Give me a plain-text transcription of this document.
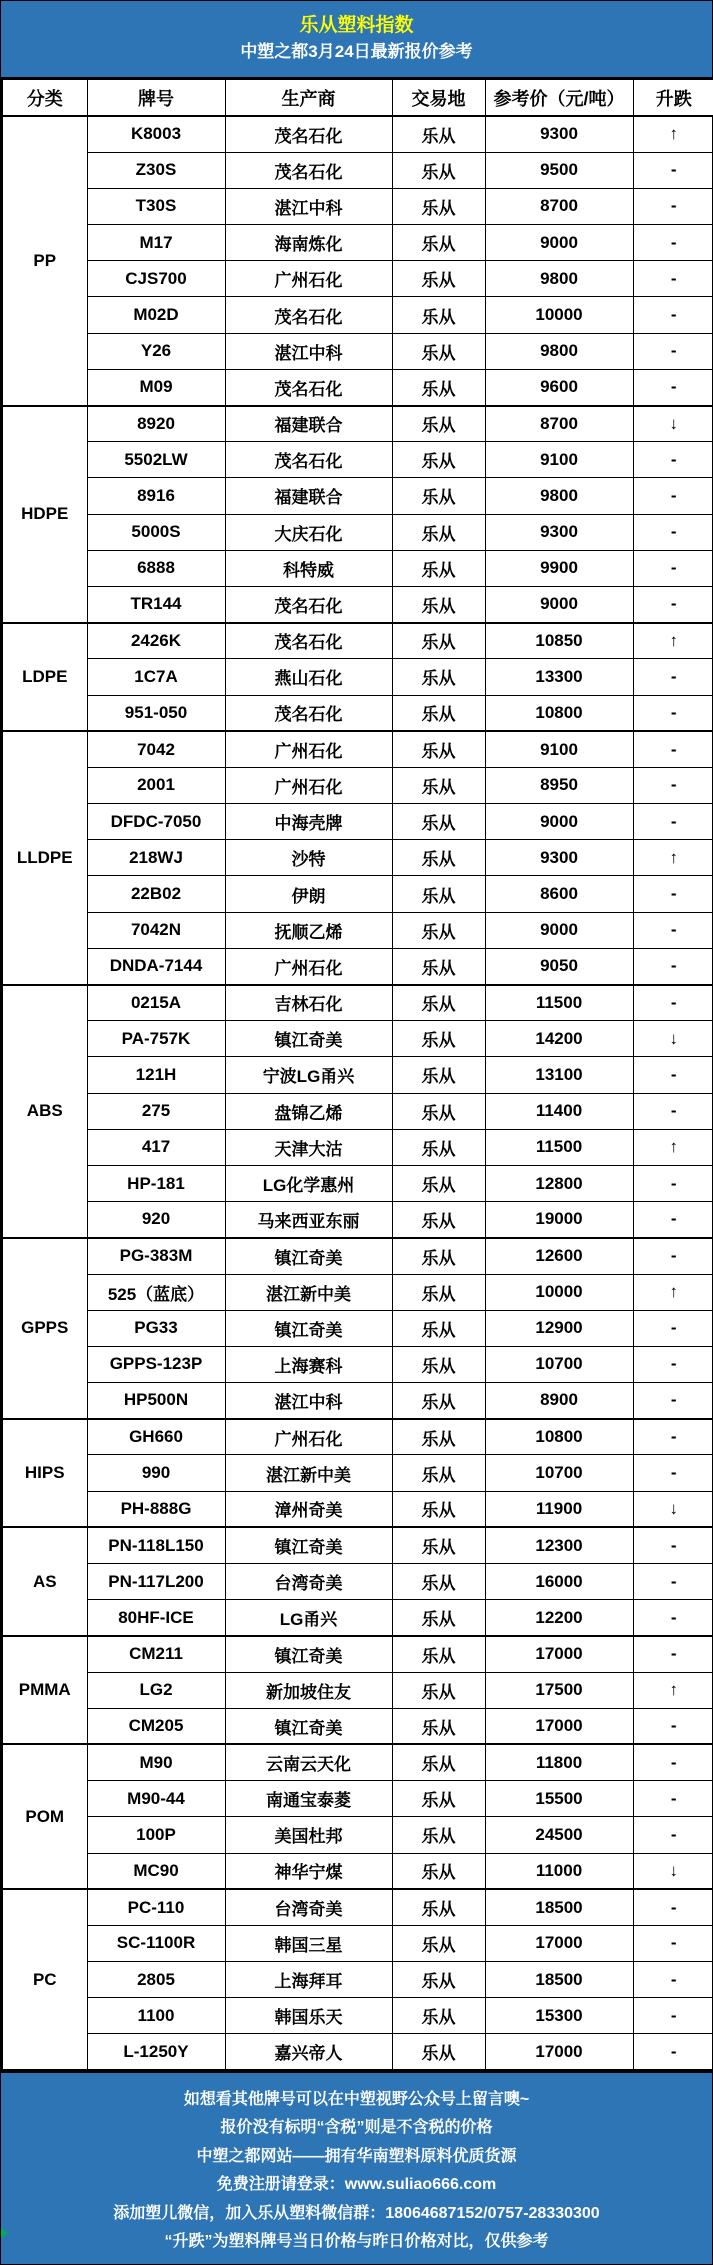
乐从塑料指数
中塑之都3月24日最新报价参考
分类	牌号	生产商	交易地	参考价（元/吨）	升跌
PP	K8003	茂名石化	乐从	9300	↑
	Z30S	茂名石化	乐从	9500	-
	T30S	湛江中科	乐从	8700	-
	M17	海南炼化	乐从	9000	-
	CJS700	广州石化	乐从	9800	-
	M02D	茂名石化	乐从	10000	-
	Y26	湛江中科	乐从	9800	-
	M09	茂名石化	乐从	9600	-
HDPE	8920	福建联合	乐从	8700	↓
	5502LW	茂名石化	乐从	9100	-
	8916	福建联合	乐从	9800	-
	5000S	大庆石化	乐从	9300	-
	6888	科特威	乐从	9900	-
	TR144	茂名石化	乐从	9000	-
LDPE	2426K	茂名石化	乐从	10850	↑
	1C7A	燕山石化	乐从	13300	-
	951-050	茂名石化	乐从	10800	-
LLDPE	7042	广州石化	乐从	9100	-
	2001	广州石化	乐从	8950	-
	DFDC-7050	中海壳牌	乐从	9000	-
	218WJ	沙特	乐从	9300	↑
	22B02	伊朗	乐从	8600	-
	7042N	抚顺乙烯	乐从	9000	-
	DNDA-7144	广州石化	乐从	9050	-
ABS	0215A	吉林石化	乐从	11500	-
	PA-757K	镇江奇美	乐从	14200	↓
	121H	宁波LG甬兴	乐从	13100	-
	275	盘锦乙烯	乐从	11400	-
	417	天津大沽	乐从	11500	↑
	HP-181	LG化学惠州	乐从	12800	-
	920	马来西亚东丽	乐从	19000	-
GPPS	PG-383M	镇江奇美	乐从	12600	-
	525（蓝底）	湛江新中美	乐从	10000	↑
	PG33	镇江奇美	乐从	12900	-
	GPPS-123P	上海赛科	乐从	10700	-
	HP500N	湛江中科	乐从	8900	-
HIPS	GH660	广州石化	乐从	10800	-
	990	湛江新中美	乐从	10700	-
	PH-888G	漳州奇美	乐从	11900	↓
AS	PN-118L150	镇江奇美	乐从	12300	-
	PN-117L200	台湾奇美	乐从	16000	-
	80HF-ICE	LG甬兴	乐从	12200	-
PMMA	CM211	镇江奇美	乐从	17000	-
	LG2	新加坡住友	乐从	17500	↑
	CM205	镇江奇美	乐从	17000	-
POM	M90	云南云天化	乐从	11800	-
	M90-44	南通宝泰菱	乐从	15500	-
	100P	美国杜邦	乐从	24500	-
	MC90	神华宁煤	乐从	11000	↓
PC	PC-110	台湾奇美	乐从	18500	-
	SC-1100R	韩国三星	乐从	17000	-
	2805	上海拜耳	乐从	18500	-
	1100	韩国乐天	乐从	15300	-
	L-1250Y	嘉兴帝人	乐从	17000	-
如想看其他牌号可以在中塑视野公众号上留言噢~
报价没有标明“含税”则是不含税的价格
中塑之都网站——拥有华南塑料原料优质货源
免费注册请登录：www.suliao666.com
添加塑儿微信，加入乐从塑料微信群：18064687152/0757-28330300
“升跌”为塑料牌号当日价格与昨日价格对比，仅供参考
